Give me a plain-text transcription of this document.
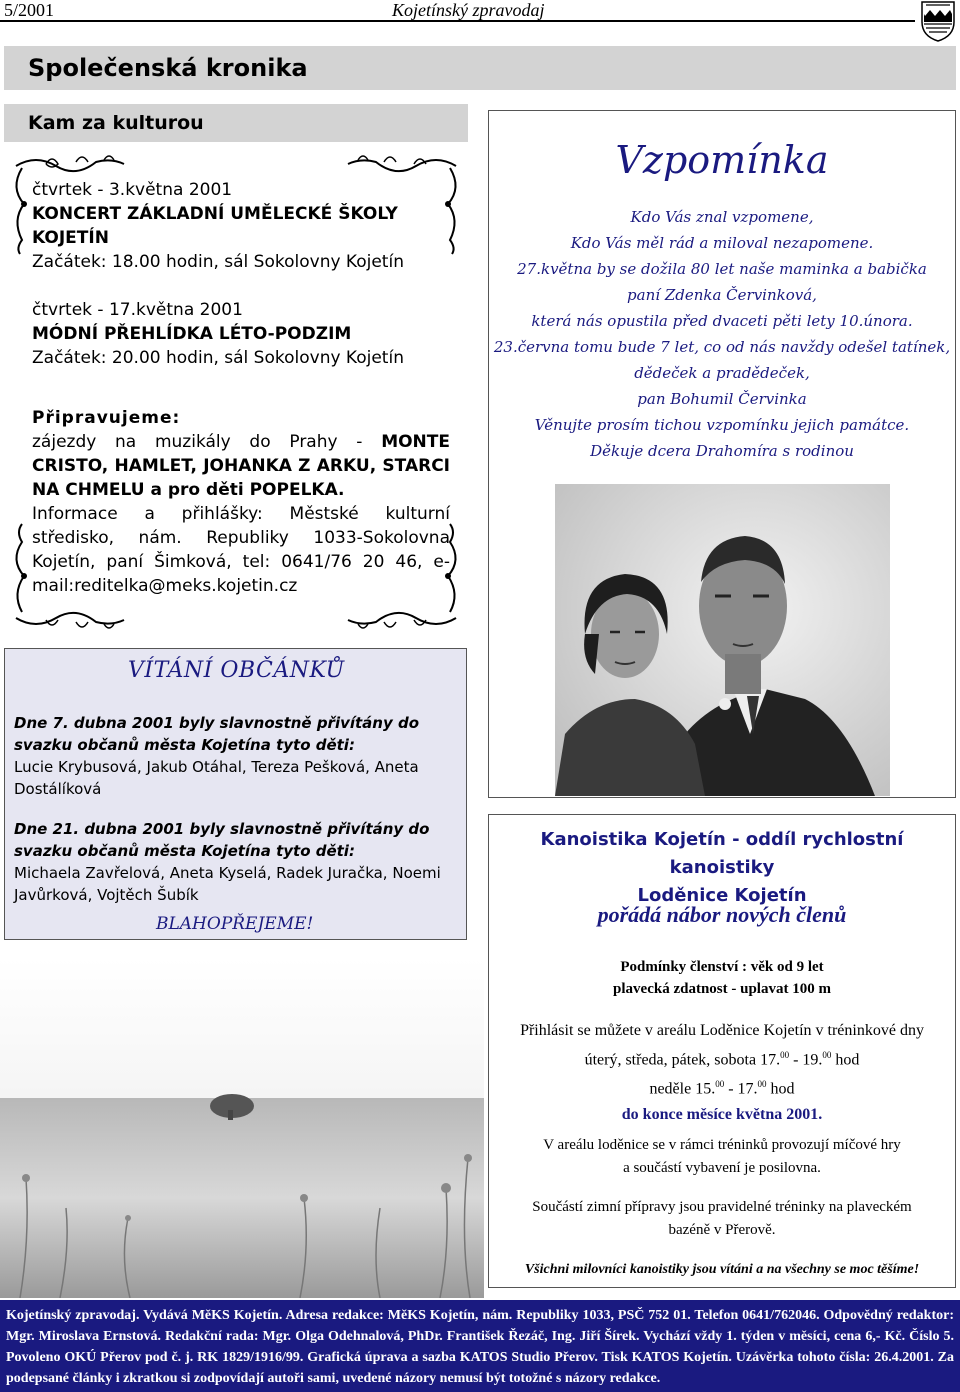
5/2001	Kojetínský zpravodaj
Společenská kronika
Kam za kulturou

čtvrtek - 3.května 2001

KONCERT ZÁKLADNÍ UMĚLECKÉ ŠKOLY KOJETÍN

Začátek: 18.00 hodin, sál Sokolovny Kojetín

čtvrtek - 17.května 2001

MÓDNÍ PŘEHLÍDKA LÉTO-PODZIM

Začátek: 20.00 hodin, sál Sokolovny Kojetín

Připravujeme:

zájezdy na muzikály do Prahy - MONTE CRISTO, HAMLET, JOHANKA Z ARKU, STARCI NA CHMELU a pro děti POPELKA.

Informace a přihlášky: Městské kulturní středisko, nám. Republiky 1033-Sokolovna Kojetín, paní Šimková, tel: 0641/76 20 46, e-mail:reditelka@meks.kojetin.cz

VÍTÁNÍ OBČÁNKŮ
Dne 7. dubna 2001 byly slavnostně přivítány do svazku občanů města Kojetína tyto děti:
Lucie Krybusová, Jakub Otáhal, Tereza Pešková, Aneta Dostálíková
Dne 21. dubna 2001 byly slavnostně přivítány do svazku občanů města Kojetína tyto děti:
Michaela Zavřelová, Aneta Kyselá, Radek Juračka, Noemi Javůrková, Vojtěch Šubík
BLAHOPŘEJEME!
Vzpomínka

Kdo Vás znal vzpomene,

Kdo Vás měl rád a miloval nezapomene.

27.května by se dožila 80 let naše maminka a babička

paní Zdenka Červinková,

která nás opustila před dvaceti pěti lety 10.února.

23.června tomu bude 7 let, co od nás navždy odešel tatínek,

dědeček a pradědeček,

pan Bohumil Červinka

Věnujte prosím tichou vzpomínku jejich památce.

Děkuje dcera Drahomíra s rodinou

Kanoistika Kojetín - oddíl rychlostní kanoistiky
Loděnice Kojetín
pořádá nábor nových členů
Podmínky členství : věk od 9 let
plavecká zdatnost - uplavat 100 m

Přihlásit se můžete v areálu Loděnice Kojetín v tréninkové dny

úterý, středa, pátek, sobota 17.00 - 19.00 hod

neděle 15.00 - 17.00 hod

do konce měsíce května 2001.

V areálu loděnice se v rámci tréninků provozují míčové hry

a součástí vybavení je posilovna.

Součástí zimní přípravy jsou pravidelné tréninky na plaveckém

bazéně v Přerově.

Všichni milovníci kanoistiky jsou vítáni a na všechny se moc těšíme!
Kojetínský zpravodaj. Vydává MěKS Kojetín. Adresa redakce: MěKS Kojetín, nám. Republiky 1033, PSČ 752 01. Telefon 0641/762046. Odpovědný redaktor: Mgr. Miroslava Ernstová. Redakční rada: Mgr. Olga Odehnalová, PhDr. František Řezáč, Ing. Jiří Šírek. Vychází vždy 1. týden v měsíci, cena 6,- Kč. Číslo 5. Povoleno OKÚ Přerov pod č. j. RK 1829/1916/99. Grafická úprava a sazba KATOS Studio Přerov. Tisk KATOS Kojetín. Uzávěrka tohoto čísla: 26.4.2001. Za podepsané články i zkratkou si zodpovídají autoři sami, uvedené názory nemusí být totožné s názory redakce.
